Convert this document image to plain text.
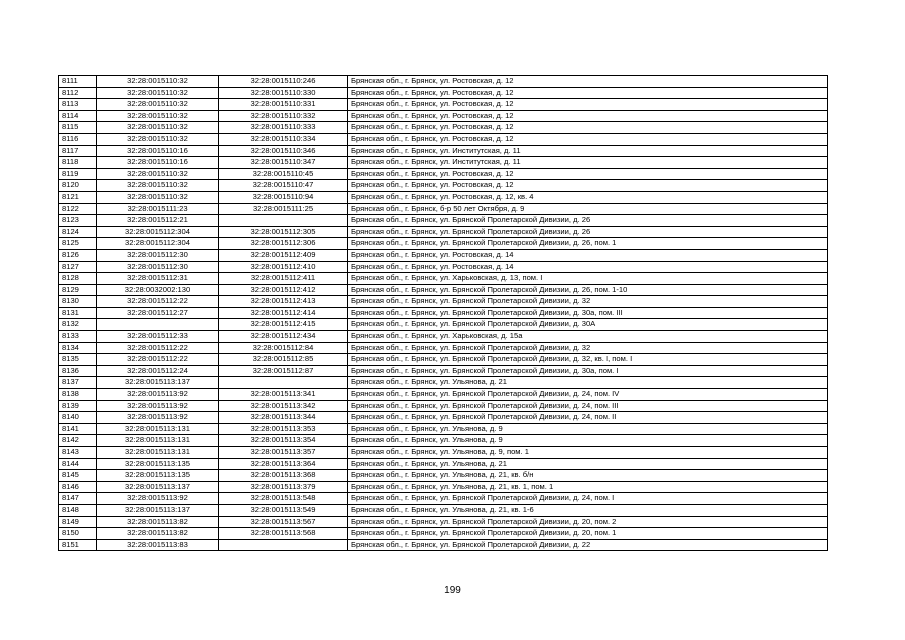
8111	32:28:0015110:32	32:28:0015110:246	Брянская обл., г. Брянск, ул. Ростовская, д. 12
8112	32:28:0015110:32	32:28:0015110:330	Брянская обл., г. Брянск, ул. Ростовская, д. 12
8113	32:28:0015110:32	32:28:0015110:331	Брянская обл., г. Брянск, ул. Ростовская, д. 12
8114	32:28:0015110:32	32:28:0015110:332	Брянская обл., г. Брянск, ул. Ростовская, д. 12
8115	32:28:0015110:32	32:28:0015110:333	Брянская обл., г. Брянск, ул. Ростовская, д. 12
8116	32:28:0015110:32	32:28:0015110:334	Брянская обл., г. Брянск, ул. Ростовская, д. 12
8117	32:28:0015110:16	32:28:0015110:346	Брянская обл., г. Брянск, ул. Институтская, д. 11
8118	32:28:0015110:16	32:28:0015110:347	Брянская обл., г. Брянск, ул. Институтская, д. 11
8119	32:28:0015110:32	32:28:0015110:45	Брянская обл., г. Брянск, ул. Ростовская, д. 12
8120	32:28:0015110:32	32:28:0015110:47	Брянская обл., г. Брянск, ул. Ростовская, д. 12
8121	32:28:0015110:32	32:28:0015110:94	Брянская обл., г. Брянск, ул. Ростовская, д. 12, кв. 4
8122	32:28:0015111:23	32:28:0015111:25	Брянская обл., г. Брянск, б-р 50 лет Октября, д. 9
8123	32:28:0015112:21		Брянская обл., г. Брянск, ул. Брянской Пролетарской Дивизии, д. 26
8124	32:28:0015112:304	32:28:0015112:305	Брянская обл., г. Брянск, ул. Брянской Пролетарской Дивизии, д. 26
8125	32:28:0015112:304	32:28:0015112:306	Брянская обл., г. Брянск, ул. Брянской Пролетарской Дивизии, д. 26, пом. 1
8126	32:28:0015112:30	32:28:0015112:409	Брянская обл., г. Брянск, ул. Ростовская, д. 14
8127	32:28:0015112:30	32:28:0015112:410	Брянская обл., г. Брянск, ул. Ростовская, д. 14
8128	32:28:0015112:31	32:28:0015112:411	Брянская обл., г. Брянск, ул. Харьковская, д. 13, пом. I
8129	32:28:0032002:130	32:28:0015112:412	Брянская обл., г. Брянск, ул. Брянской Пролетарской Дивизии, д. 26, пом. 1-10
8130	32:28:0015112:22	32:28:0015112:413	Брянская обл., г. Брянск, ул. Брянской Пролетарской Дивизии, д. 32
8131	32:28:0015112:27	32:28:0015112:414	Брянская обл., г. Брянск, ул. Брянской Пролетарской Дивизии, д. 30а, пом. III
8132		32:28:0015112:415	Брянская обл., г. Брянск, ул. Брянской Пролетарской Дивизии, д. 30А
8133	32:28:0015112:33	32:28:0015112:434	Брянская обл., г. Брянск, ул. Харьковская, д. 15а
8134	32:28:0015112:22	32:28:0015112:84	Брянская обл., г. Брянск, ул. Брянской Пролетарской Дивизии, д. 32
8135	32:28:0015112:22	32:28:0015112:85	Брянская обл., г. Брянск, ул. Брянской Пролетарской Дивизии, д. 32, кв. I, пом. I
8136	32:28:0015112:24	32:28:0015112:87	Брянская обл., г. Брянск, ул. Брянской Пролетарской Дивизии, д. 30а, пом. I
8137	32:28:0015113:137		Брянская обл., г. Брянск, ул. Ульянова, д. 21
8138	32:28:0015113:92	32:28:0015113:341	Брянская обл., г. Брянск, ул. Брянской Пролетарской Дивизии, д. 24, пом. IV
8139	32:28:0015113:92	32:28:0015113:342	Брянская обл., г. Брянск, ул. Брянской Пролетарской Дивизии, д. 24, пом. III
8140	32:28:0015113:92	32:28:0015113:344	Брянская обл., г. Брянск, ул. Брянской Пролетарской Дивизии, д. 24, пом. II
8141	32:28:0015113:131	32:28:0015113:353	Брянская обл., г. Брянск, ул. Ульянова, д. 9
8142	32:28:0015113:131	32:28:0015113:354	Брянская обл., г. Брянск, ул. Ульянова, д. 9
8143	32:28:0015113:131	32:28:0015113:357	Брянская обл., г. Брянск, ул. Ульянова, д. 9, пом. 1
8144	32:28:0015113:135	32:28:0015113:364	Брянская обл., г. Брянск, ул. Ульянова, д. 21
8145	32:28:0015113:135	32:28:0015113:368	Брянская обл., г. Брянск, ул. Ульянова, д. 21, кв. б/н
8146	32:28:0015113:137	32:28:0015113:379	Брянская обл., г. Брянск, ул. Ульянова, д. 21, кв. 1, пом. 1
8147	32:28:0015113:92	32:28:0015113:548	Брянская обл., г. Брянск, ул. Брянской Пролетарской Дивизии, д. 24, пом. I
8148	32:28:0015113:137	32:28:0015113:549	Брянская обл., г. Брянск, ул. Ульянова, д. 21, кв. 1-6
8149	32:28:0015113:82	32:28:0015113:567	Брянская обл., г. Брянск, ул. Брянской Пролетарской Дивизии, д. 20, пом. 2
8150	32:28:0015113:82	32:28:0015113:568	Брянская обл., г. Брянск, ул. Брянской Пролетарской Дивизии, д. 20, пом. 1
8151	32:28:0015113:83		Брянская обл., г. Брянск, ул. Брянской Пролетарской Дивизии, д. 22
199
